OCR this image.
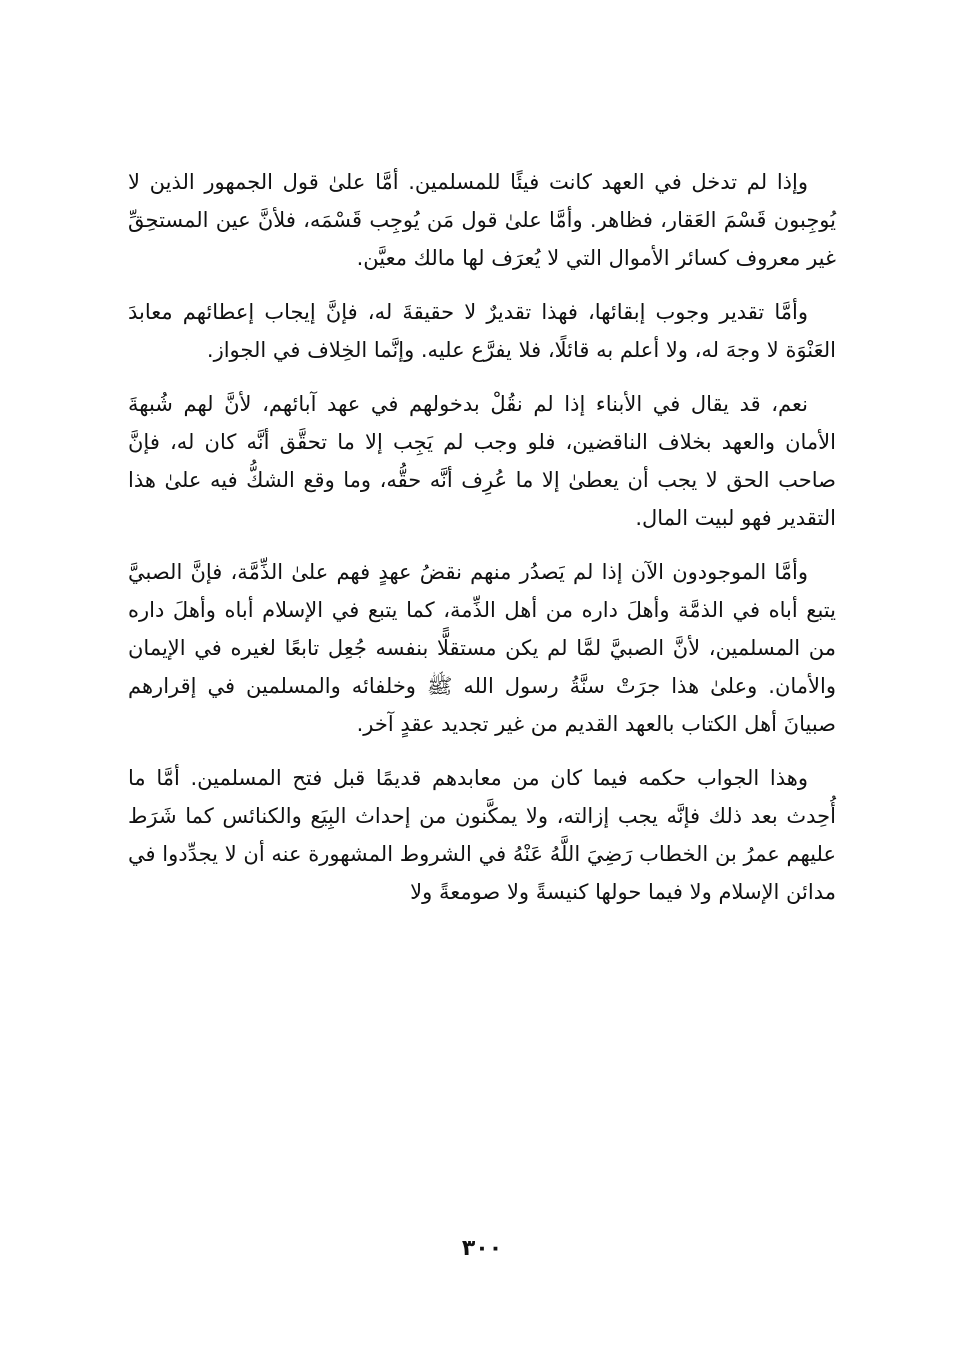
وإذا لم تدخل في العهد كانت فيئًا للمسلمين. أمَّا علىٰ قول الجمهور الذين لا يُوجِبون قَسْمَ العَقار، فظاهر. وأمَّا علىٰ قول مَن يُوجِب قَسْمَه، فلأنَّ عين المستحِقِّ غير معروف كسائر الأموال التي لا يُعرَف لها مالك معيَّن.

وأمَّا تقدير وجوب إبقائها، فهذا تقديرٌ لا حقيقةَ له، فإنَّ إيجاب إعطائهم معابدَ العَنْوَة لا وجهَ له، ولا أعلم به قائلًا، فلا يفرَّع عليه. وإنَّما الخِلاف في الجواز.

نعم، قد يقال في الأبناء إذا لم نقُلْ بدخولهم في عهد آبائهم، لأنَّ لهم شُبهةَ الأمان والعهد بخلاف الناقضين، فلو وجب لم يَجِب إلا ما تحقَّق أنَّه كان له، فإنَّ صاحب الحق لا يجب أن يعطىٰ إلا ما عُرِف أنَّه حقُّه، وما وقع الشكُّ فيه علىٰ هذا التقدير فهو لبيت المال.

وأمَّا الموجودون الآن إذا لم يَصدُر منهم نقضُ عهدٍ فهم علىٰ الذِّمَّة، فإنَّ الصبيَّ يتبع أباه في الذمَّة وأهلَ داره من أهل الذِّمة، كما يتبع في الإسلام أباه وأهلَ داره من المسلمين، لأنَّ الصبيَّ لمَّا لم يكن مستقلًّا بنفسه جُعِل تابعًا لغيره في الإيمان والأمان. وعلىٰ هذا جرَتْ سنَّةُ رسول الله ﷺ وخلفائه والمسلمين في إقرارهم صبيانَ أهل الكتاب بالعهد القديم من غير تجديد عقدٍ آخر.

وهذا الجواب حكمه فيما كان من معابدهم قديمًا قبل فتح المسلمين. أمَّا ما أُحِدث بعد ذلك فإنَّه يجب إزالته، ولا يمكَّنون من إحداث البِيَع والكنائس كما شَرَط عليهم عمرُ بن الخطاب رَضِيَ اللَّهُ عَنْهُ في الشروط المشهورة عنه أن لا يجدِّدوا في مدائن الإسلام ولا فيما حولها كنيسةً ولا صومعةً ولا

٣٠٠
